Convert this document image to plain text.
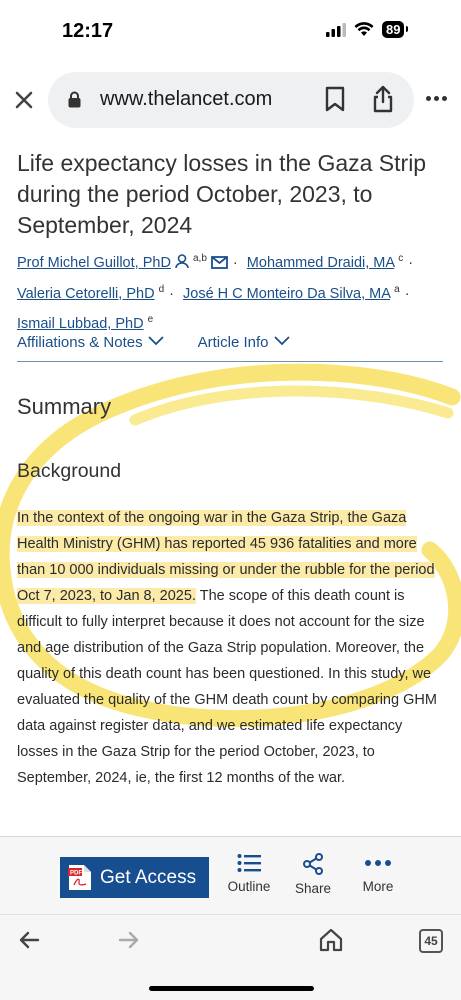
12:17	89
www.thelancet.com
Life expectancy losses in the Gaza Strip during the period October, 2023, to September, 2024
Prof Michel Guillot, PhD $^{a,b}$ · Mohammed Draidi, MA $^c$ · Valeria Cetorelli, PhD $^d$ · José H C Monteiro Da Silva, MA $^a$ · Ismail Lubbad, PhD $^e$
Affiliations & Notes	Article Info
Summary
Background

In the context of the ongoing war in the Gaza Strip, the Gaza Health Ministry (GHM) has reported 45 936 fatalities and more than 10 000 individuals missing or under the rubble for the period Oct 7, 2023, to Jan 8, 2025. The scope of this death count is difficult to fully interpret because it does not account for the size and age distribution of the Gaza Strip population. Moreover, the quality of this death count has been questioned. In this study, we evaluated the quality of the GHM death count by comparing GHM data against register data, and we estimated life expectancy losses in the Gaza Strip for the period October, 2023, to September, 2024, ie, the first 12 months of the war.

PDF Get Access	Outline	Share	More
45
